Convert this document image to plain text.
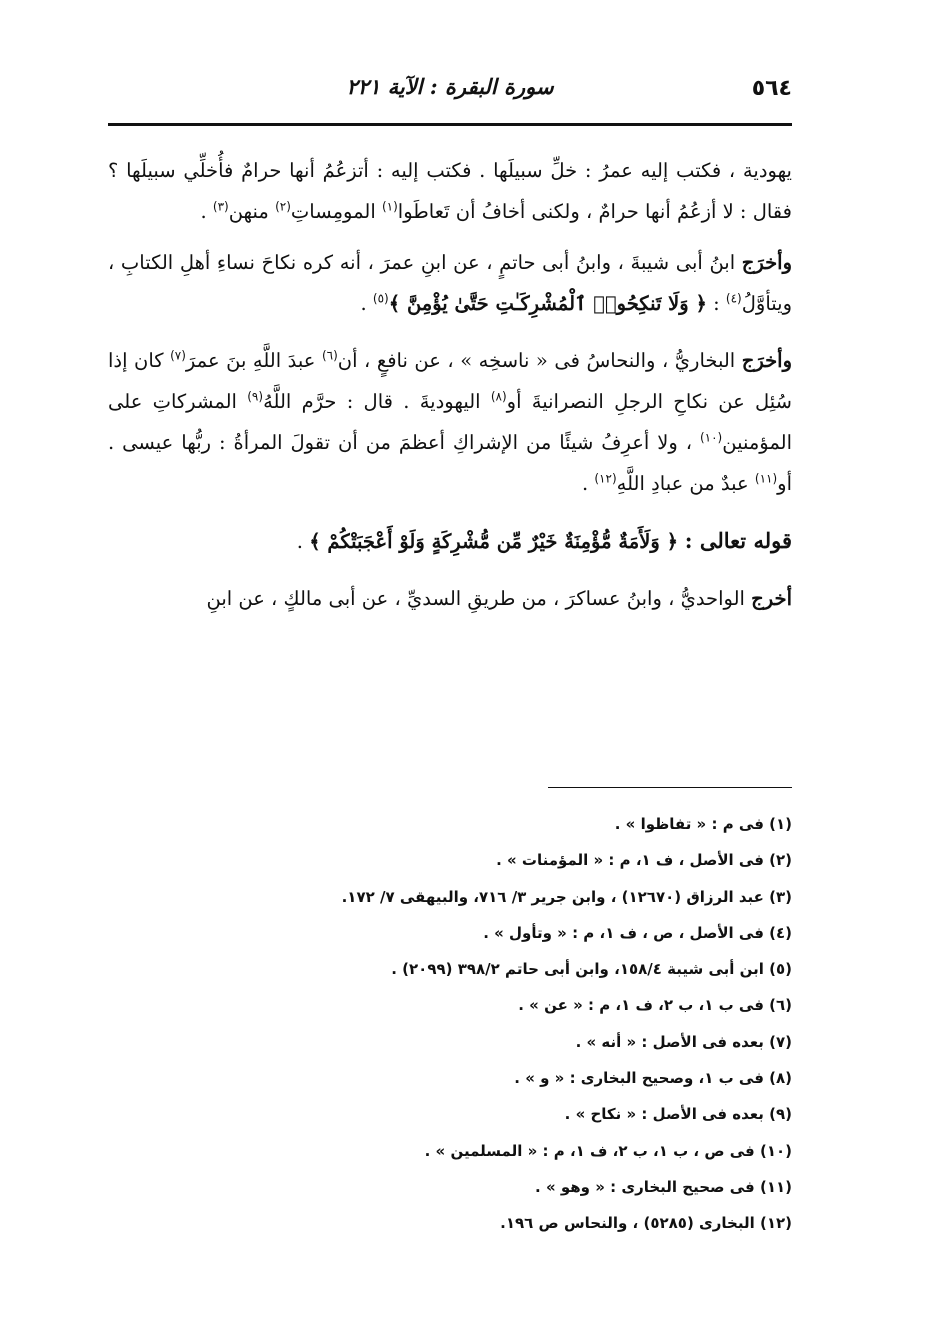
٥٦٤
سورة البقرة : الآية ٢٢١

يهودية ، فكتب إليه عمرُ : خلِّ سبيلَها . فكتب إليه : أتزعُمُ أنها حرامٌ فأُخلِّي سبيلَها ؟ فقال : لا أزعُمُ أنها حرامٌ ، ولكنى أخافُ أن تَعاطَوا$^{(١)}$ المومِساتِ$^{(٢)}$ منهن$^{(٣)}$ .

وأخرَج ابنُ أبى شيبةَ ، وابنُ أبى حاتمٍ ، عن ابنِ عمرَ ، أنه كره نكاحَ نساءِ أهلِ الكتابِ ، ويتأوَّلُ$^{(٤)}$ : ﴿ وَلَا تَنكِحُوا۟ ٱلْمُشْرِكَـٰتِ حَتَّىٰ يُؤْمِنَّ ﴾$^{(٥)}$ .

وأخرَج البخاريُّ ، والنحاسُ فى « ناسخِه » ، عن نافعٍ ، أن$^{(٦)}$ عبدَ اللَّهِ بنَ عمرَ$^{(٧)}$ كان إذا سُئِل عن نكاحِ الرجلِ النصرانيةَ أو$^{(٨)}$ اليهوديةَ . قال : حرَّم اللَّهُ$^{(٩)}$ المشركاتِ على المؤمنين$^{(١٠)}$ ، ولا أعرِفُ شيئًا من الإشراكِ أعظمَ من أن تقولَ المرأةُ : ربُّها عيسى . أو$^{(١١)}$ عبدٌ من عبادِ اللَّهِ$^{(١٢)}$ .

قوله تعالى : ﴿ وَلَأَمَةٌ مُّؤْمِنَةٌ خَيْرٌ مِّن مُّشْرِكَةٍ وَلَوْ أَعْجَبَتْكُمْ ﴾ .

أخرج الواحديُّ ، وابنُ عساكرَ ، من طريقِ السديِّ ، عن أبى مالكٍ ، عن ابنِ

(١) فى م : « تفاظوا » .
(٢) فى الأصل ، ف ١، م : « المؤمنات » .
(٣) عبد الرزاق (١٢٦٧٠) ، وابن جرير ٣/ ٧١٦، والبيهقى ٧/ ١٧٢.
(٤) فى الأصل ، ص ، ف ١، م : « وتأول » .
(٥) ابن أبى شيبة ١٥٨/٤، وابن أبى حاتم ٣٩٨/٢ (٢٠٩٩) .
(٦) فى ب ١، ب ٢، ف ١، م : « عن » .
(٧) بعده فى الأصل : « أنه » .
(٨) فى ب ١، وصحيح البخارى : « و » .
(٩) بعده فى الأصل : « نكاح » .
(١٠) فى ص ، ب ١، ب ٢، ف ١، م : « المسلمين » .
(١١) فى صحيح البخارى : « وهو » .
(١٢) البخارى (٥٢٨٥) ، والنحاس ص ١٩٦.
